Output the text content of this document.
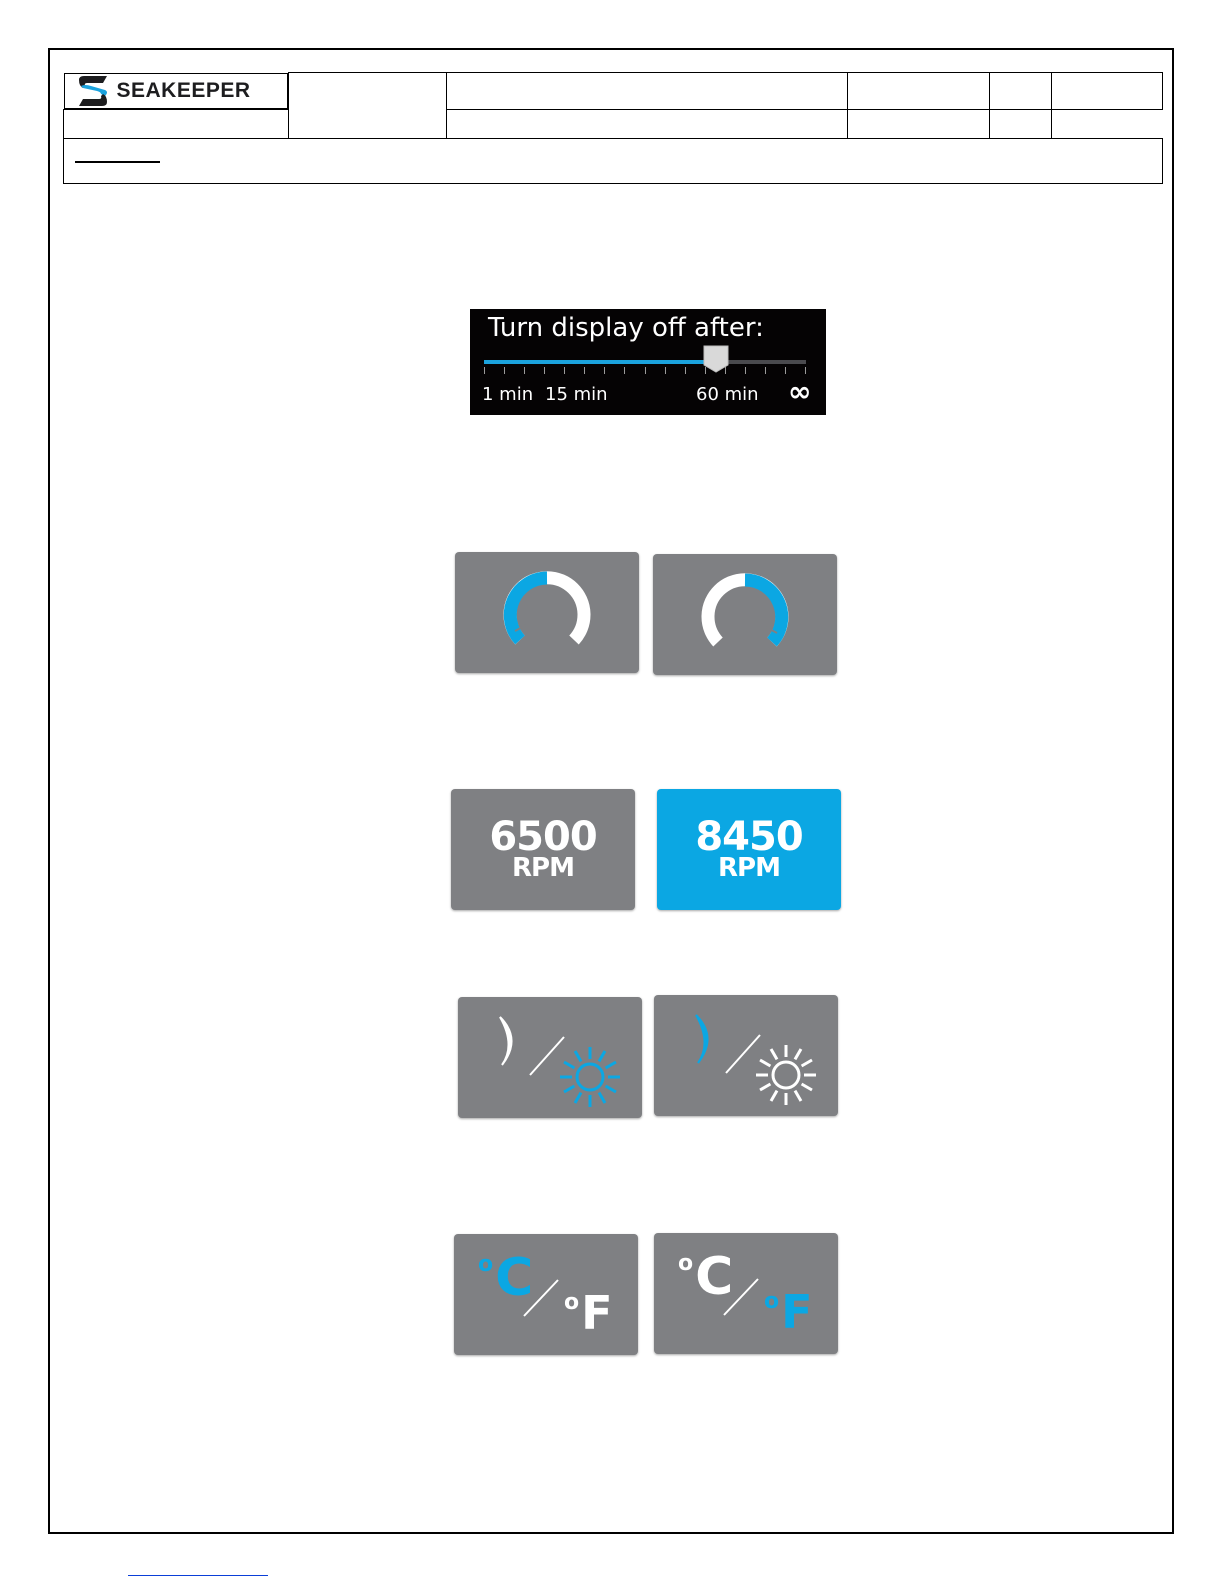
SEAKEEPER

Turn display off after:
1 min 15 min	60 min ∞
6500
RPM
8450
RPM
$^o$C $^o$F
$^o$C $^o$F
